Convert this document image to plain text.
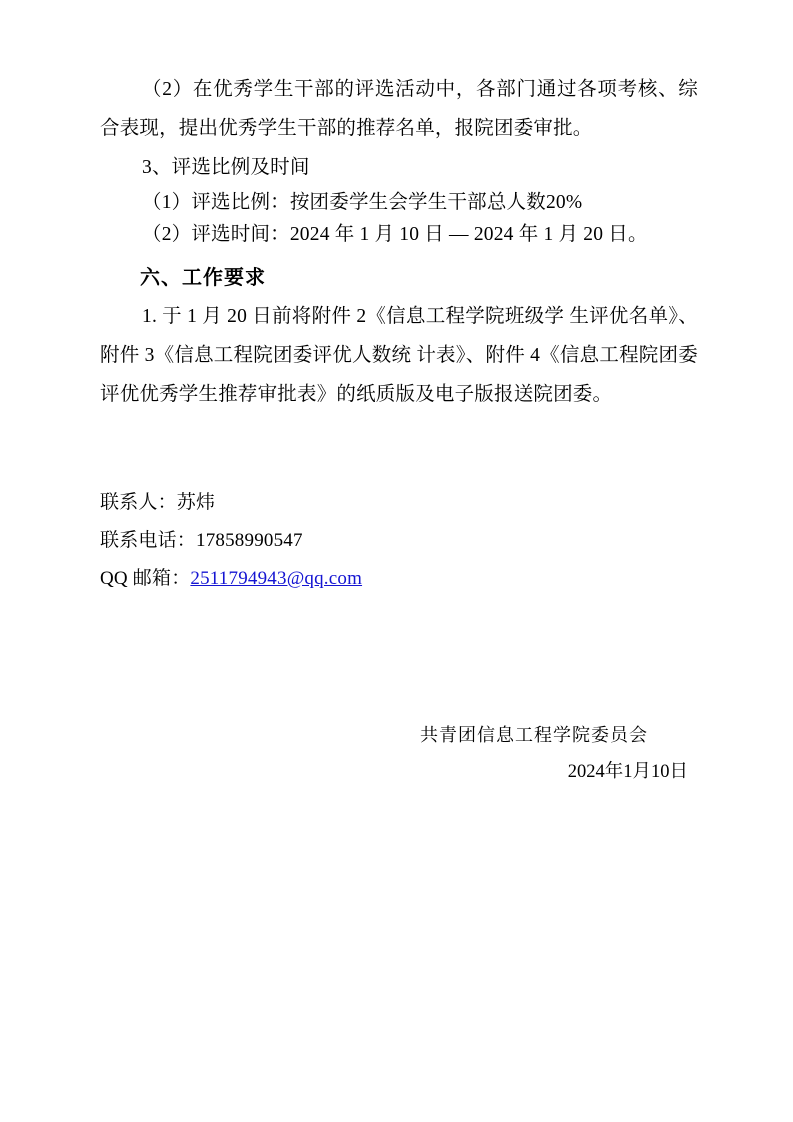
（2）在优秀学生干部的评选活动中，各部门通过各项考核、综合表现，提出优秀学生干部的推荐名单，报院团委审批。

3、评选比例及时间

（1）评选比例：按团委学生会学生干部总人数20%

（2）评选时间：2024 年 1 月 10 日 — 2024 年 1 月 20 日。

六、工作要求

1. 于 1 月 20 日前将附件 2《信息工程学院班级学 生评优名单》、附件 3《信息工程院团委评优人数统 计表》、附件 4《信息工程院团委评优优秀学生推荐审批表》的纸质版及电子版报送院团委。

联系人：苏炜

联系电话：17858990547

QQ 邮箱：2511794943@qq.com

共青团信息工程学院委员会

2024年1月10日
